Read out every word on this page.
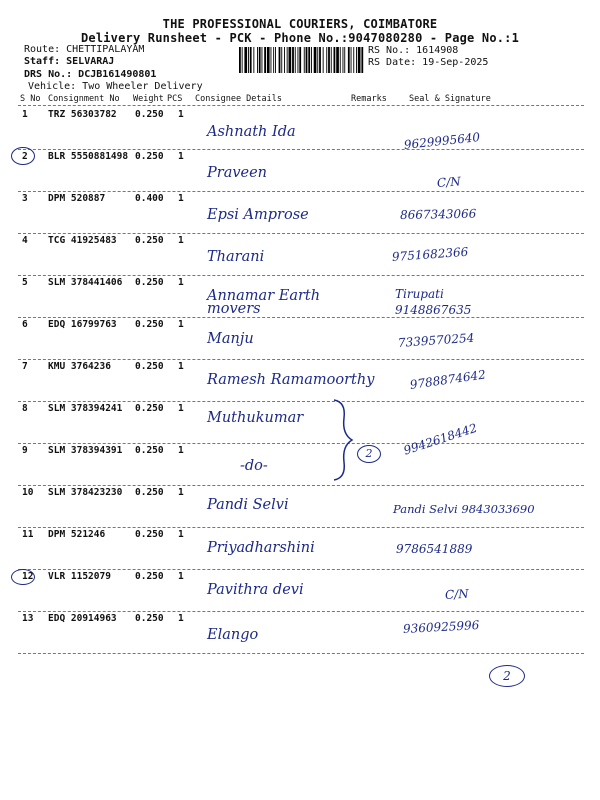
THE PROFESSIONAL COURIERS, COIMBATORE
Delivery Runsheet - PCK - Phone No.:9047080280 - Page No.:1
Route: CHETTIPALAYAM
Staff: SELVARAJ
DRS No.: DCJB161490801
Vehicle: Two Wheeler Delivery
RS No.: 1614908
RS Date: 19-Sep-2025
S No Consignment No Weight PCS Consignee Details	Remarks	Seal & Signature
1 TRZ 56303782 0.250 1
Ashnath Ida	9629995640
2 BLR 5550881498 0.250 1
Praveen
C/N
3 DPM 520887	0.400 1
Epsi Amprose	8667343066
4 TCG 41925483 0.250 1
Tharani	9751682366
5 SLM 378441406 0.250 1
Annamar Earth movers
Tirupati 9148867635
6 EDQ 16799763 0.250 1
Manju	7339570254
7 KMU 3764236	0.250 1
Ramesh Ramamoorthy	9788874642
8 SLM 378394241 0.250 1
Muthukumar
9 SLM 378394391 0.250 1
-do-
9942618442
10 SLM 378423230 0.250 1
Pandi Selvi	Pandi Selvi 9843033690
11 DPM 521246	0.250 1
Priyadharshini	9786541889
12 VLR 1152079	0.250 1
Pavithra devi	C/N
13 EDQ 20914963 0.250 1
Elango	9360925996
2
2
